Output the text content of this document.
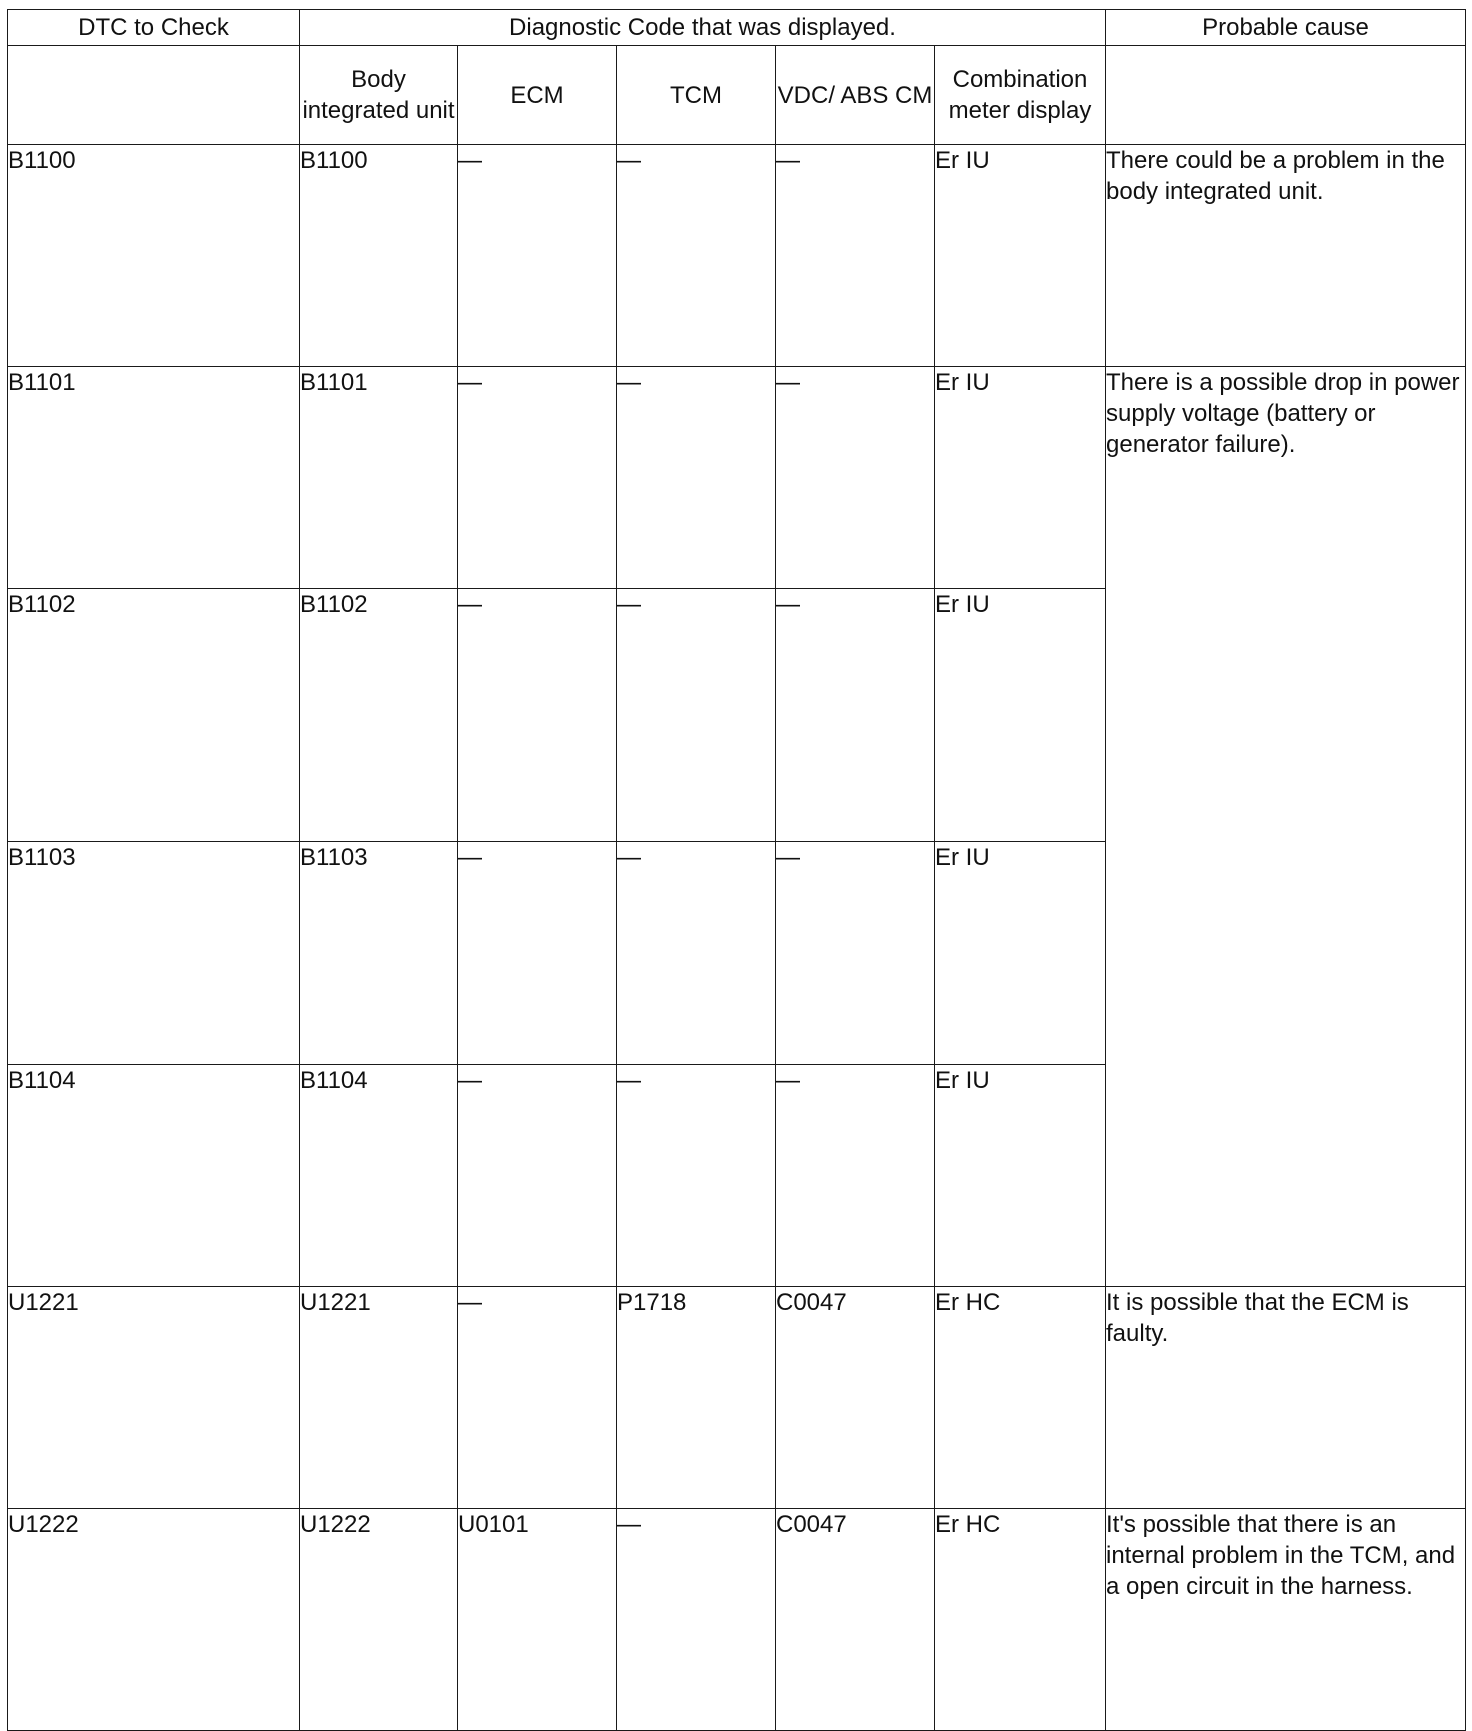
DTC to Check	Diagnostic Code that was displayed.					Probable cause
	Body integrated unit	ECM	TCM	VDC/ ABS CM	Combination meter display	
B1100	B1100	—	—	—	Er IU	There could be a problem in the body integrated unit.
B1101	B1101	—	—	—	Er IU	There is a possible drop in power supply voltage (battery or generator failure).
B1102	B1102	—	—	—	Er IU	
B1103	B1103	—	—	—	Er IU	
B1104	B1104	—	—	—	Er IU	
U1221	U1221	—	P1718	C0047	Er HC	It is possible that the ECM is faulty.
U1222	U1222	U0101	—	C0047	Er HC	It's possible that there is an internal problem in the TCM, and a open circuit in the harness.
